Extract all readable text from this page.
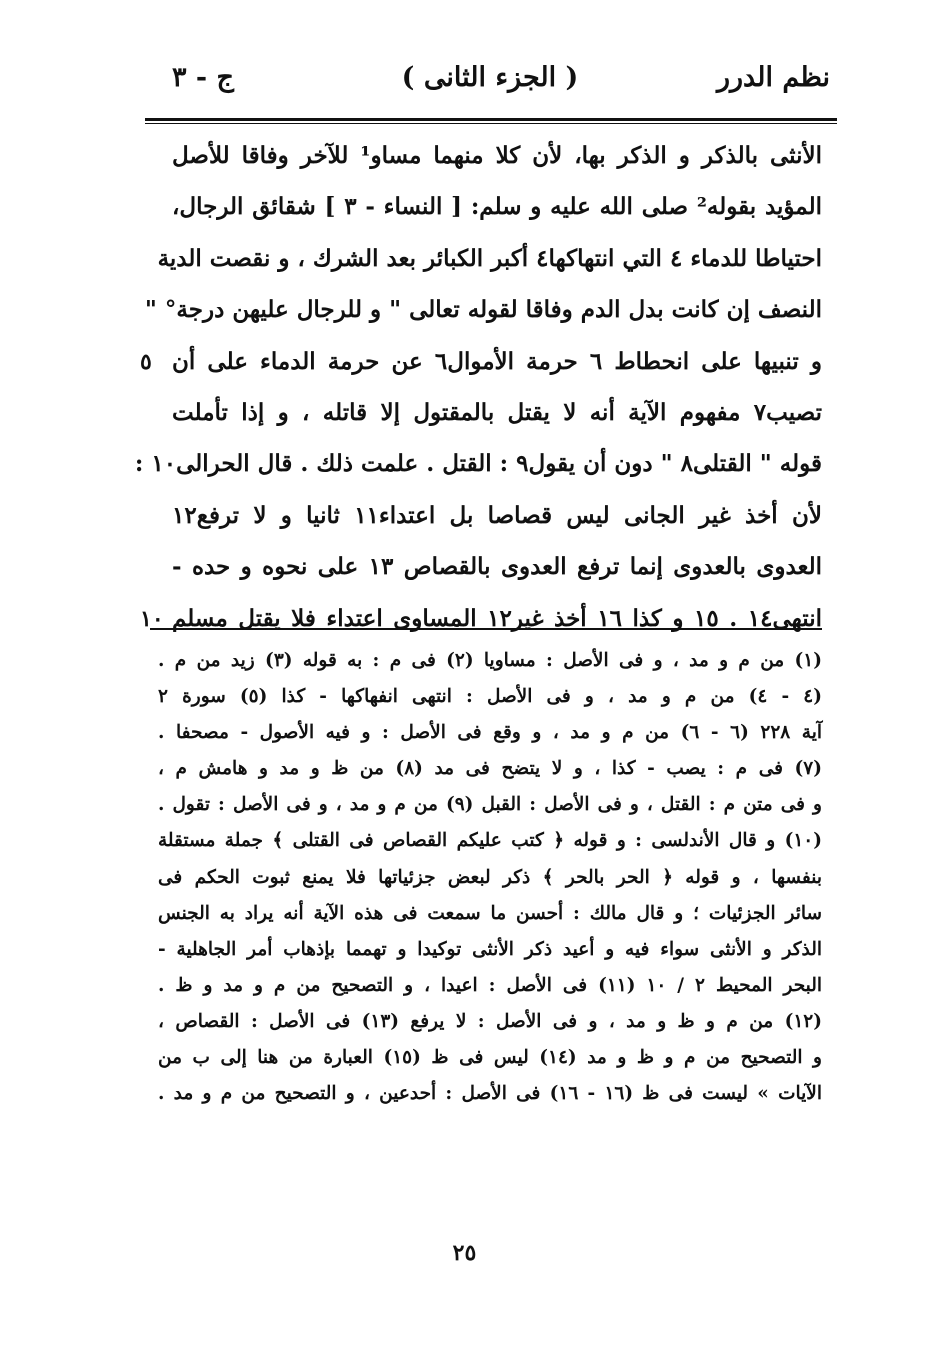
نظم الدرر
( الجزء الثانى )
ج - ٣
الأنثى بالذكر و الذكر بها، لأن كلا منهما مساو¹ للآخر وفاقا للأصل
المؤيد بقوله² صلى الله عليه و سلم: [ النساء - ٣ ] شقائق الرجال،
احتياطا للدماء ٤ التي انتهاكها٤ أكبر الكبائر بعد الشرك ، و نقصت الدية
النصف إن كانت بدل الدم وفاقا لقوله تعالى " و للرجال عليهن درجة° "
و تنبيها على انحطاط ٦ حرمة الأموال٦ عن حرمة الدماء على أن
تصيب٧ مفهوم الآية أنه لا يقتل بالمقتول إلا قاتله ، و إذا تأملت
قوله " القتلى٨ " دون أن يقول٩ : القتل . علمت ذلك . قال الحرالى١٠ :
لأن أخذ غير الجانى ليس قصاصا بل اعتداء١١ ثانيا و لا ترفع١٢
العدوى بالعدوى إنما ترفع العدوى بالقصاص ١٣ على نحوه و حده -
انتهى١٤ . ١٥ و كذا ١٦ أخذ غير١٢ المساوى اعتداء فلا يقتل مسلم
٥
١٠
(١) من م و مد ، و فى الأصل : مساويا (٢) فى م : به قوله (٣) زيد من م .
(٤ - ٤) من م و مد ، و فى الأصل : انتهى انفهاكها - كذا (٥) سورة ٢
آية ٢٢٨ (٦ - ٦) من م و مد ، و وقع فى الأصل : و فيه الأصول - مصحفا .
(٧) فى م : يصب - كذا ، و لا يتضح فى مد (٨) من ظ و مد و هامش م ،
و فى متن م : القتل ، و فى الأصل : القبل (٩) من م و مد ، و فى الأصل : تقول .
(١٠) و قال الأندلسى : و قوله ﴿ كتب عليكم القصاص فى القتلى ﴾ جملة مستقلة
بنفسها ، و قوله ﴿ الحر بالحر ﴾ ذكر لبعض جزئياتها فلا يمنع ثبوت الحكم فى
سائر الجزئيات ؛ و قال مالك : أحسن ما سمعت فى هذه الآية أنه يراد به الجنس
الذكر و الأنثى سواء فيه و أعيد ذكر الأنثى توكيدا و تهمما بإذهاب أمر الجاهلية -
البحر المحيط ٢ / ١٠ (١١) فى الأصل : اعيدا ، و التصحيح من م و مد و ظ .
(١٢) من م و ظ و مد ، و فى الأصل : لا يرفع (١٣) فى الأصل : القصاص ،
و التصحيح من م و ظ و مد (١٤) ليس فى ظ (١٥) العبارة من هنا إلى ب من
الآيات » ليست فى ظ (١٦ - ١٦) فى الأصل : أحدعين ، و التصحيح من م و مد .
٢٥
